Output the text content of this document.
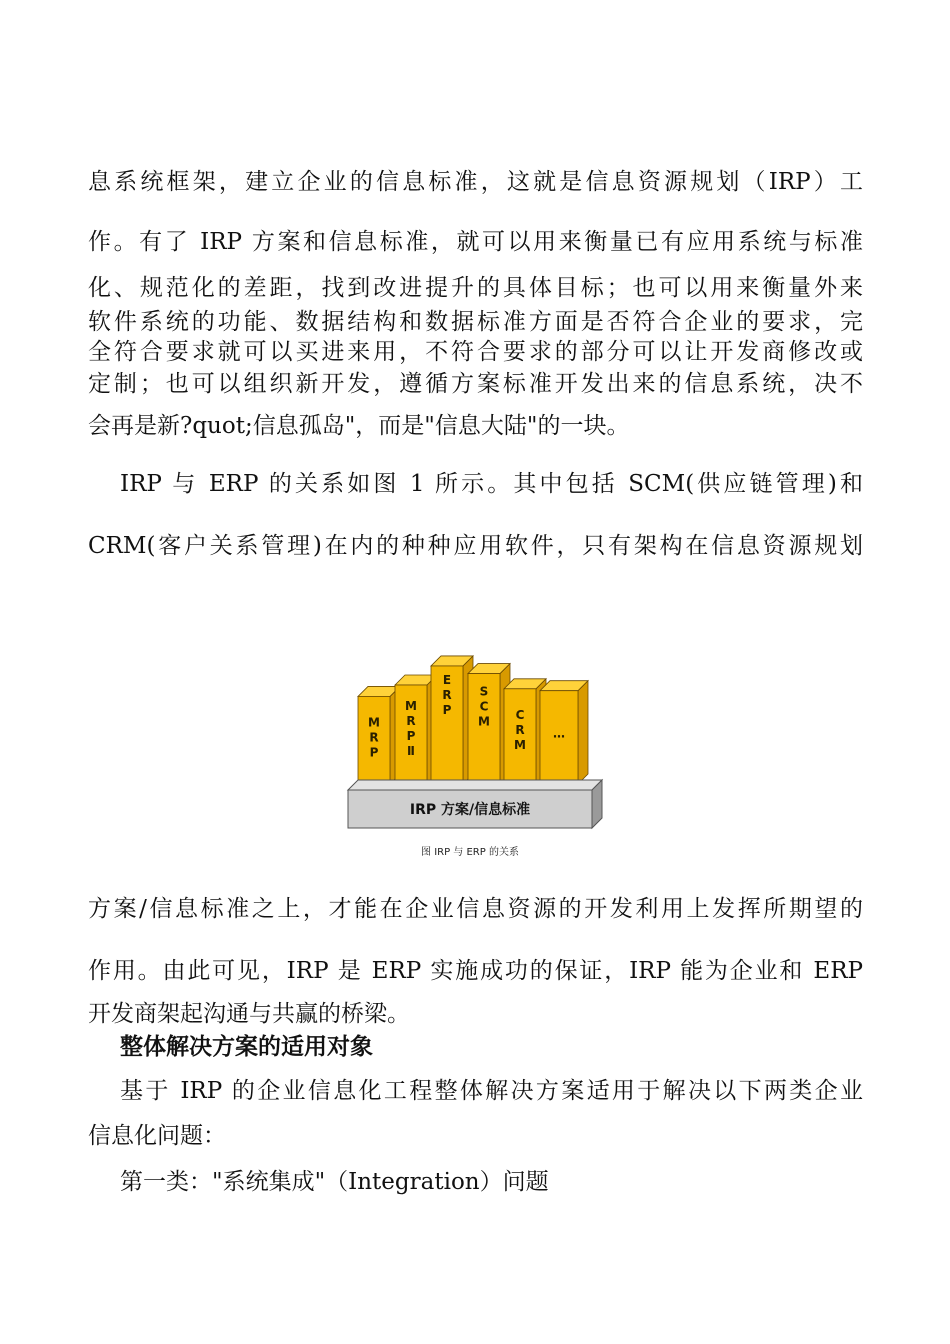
息系统框架，建立企业的信息标准，这就是信息资源规划（IRP）工
作。有了 IRP 方案和信息标准，就可以用来衡量已有应用系统与标准
化、规范化的差距，找到改进提升的具体目标；也可以用来衡量外来
软件系统的功能、数据结构和数据标准方面是否符合企业的要求，完
全符合要求就可以买进来用，不符合要求的部分可以让开发商修改或
定制；也可以组织新开发，遵循方案标准开发出来的信息系统，决不
会再是新?quot;信息孤岛"，而是"信息大陆"的一块。
IRP 与 ERP 的关系如图 1 所示。其中包括 SCM(供应链管理)和
CRM(客户关系管理)在内的种种应用软件，只有架构在信息资源规划
M
R
P
M
R
P
Ⅱ
E
R
P
S
C
M C
R
M
…
IRP 方案/信息标准
图 IRP 与 ERP 的关系
方案/信息标准之上，才能在企业信息资源的开发利用上发挥所期望的
作用。由此可见，IRP 是 ERP 实施成功的保证，IRP 能为企业和 ERP
开发商架起沟通与共赢的桥梁。
整体解决方案的适用对象
基于 IRP 的企业信息化工程整体解决方案适用于解决以下两类企业
信息化问题：
第一类："系统集成"（Integration）问题
